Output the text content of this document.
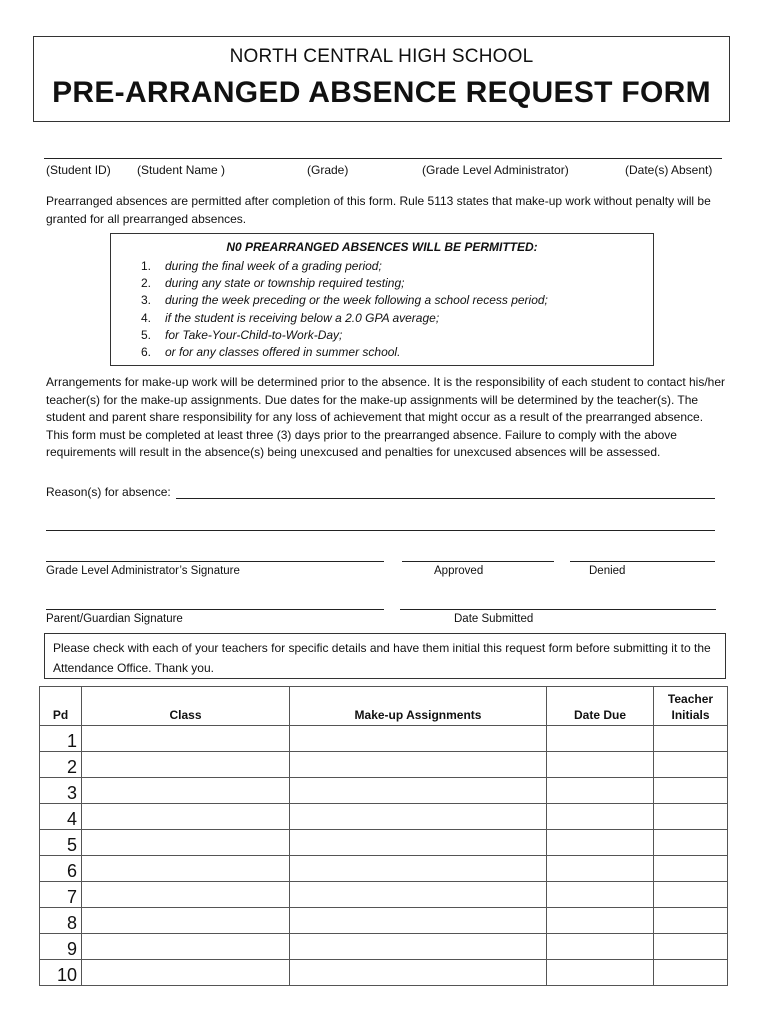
NORTH CENTRAL HIGH SCHOOL
PRE-ARRANGED ABSENCE REQUEST FORM
(Student ID) (Student Name )	(Grade)	(Grade Level Administrator)	(Date(s) Absent)
Prearranged absences are permitted after completion of this form. Rule 5113 states that make-up work without penalty will be granted for all prearranged absences.
N0 PREARRANGED ABSENCES WILL BE PERMITTED:
1. during the final week of a grading period;
2. during any state or township required testing;
3. during the week preceding or the week following a school recess period;
4. if the student is receiving below a 2.0 GPA average;
5. for Take-Your-Child-to-Work-Day;
6. or for any classes offered in summer school.
Arrangements for make-up work will be determined prior to the absence. It is the responsibility of each student to contact his/her teacher(s) for the make-up assignments. Due dates for the make-up assignments will be determined by the teacher(s). The student and parent share responsibility for any loss of achievement that might occur as a result of the prearranged absence. This form must be completed at least three (3) days prior to the prearranged absence. Failure to comply with the above requirements will result in the absence(s) being unexcused and penalties for unexcused absences will be assessed.
Reason(s) for absence:
Grade Level Administrator’s Signature	Approved	Denied
Parent/Guardian Signature	Date Submitted
Please check with each of your teachers for specific details and have them initial this request form before submitting it to the Attendance Office. Thank you.
Pd	Class	Make-up Assignments	Date Due	Teacher
Initials
1				
2				
3				
4				
5				
6				
7				
8				
9				
10				
